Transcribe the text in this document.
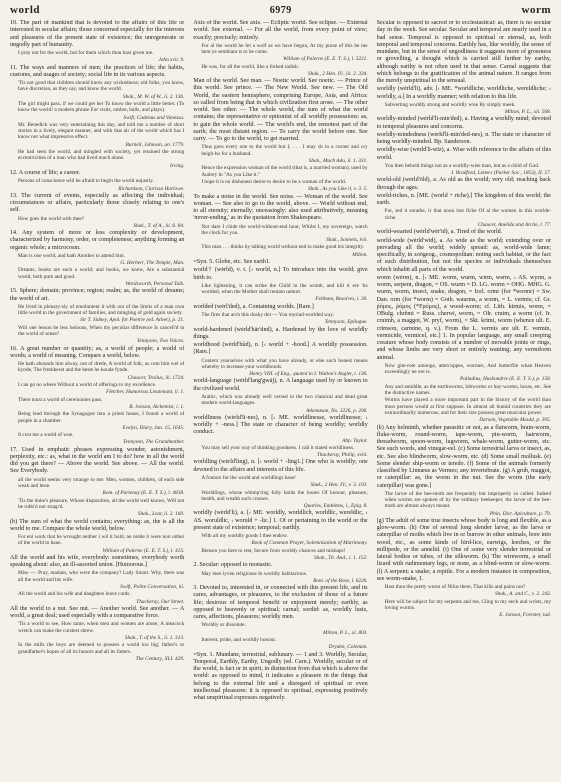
world	6979	worm

10. The part of mankind that is devoted to the affairs of this life or interested in secular affairs; those concerned especially for the interests and pleasures of the present state of existence; the unregenerate or ungodly part of humanity.

I pray not for the world, but for them which thou hast given me.

John xvii. 9.

11. The ways and manners of men; the practices of life; the habits, customs, and usages of society; social life in its various aspects.

'Tis not good that children should know any wickedness; old folks, you know, have discretion, as they say, and know the world.

Shak., M. W. of W., ii. 2. 136.

The girl might pass, if we could get her To know the world a little better. (To know the world! a modern phrase For visits, ombre, balls, and plays).

Swift, Cadenus and Vanessa.

Mr. Benedick was very entertaining this day, and told me a number of short stories in a lively, elegant manner, and with that air of the world which has I know not what impressive effect.

Burnell, Johnson, an. 1779.

He had seen the world, and mingled with society, yet retained the strong eccentricities of a man who had lived much alone.

Irving.

12. A course of life; a career.

Persons of conscience will be afraid to begin the world unjustly.

Richardson, Clarissa Harlowe.

13. The current of events, especially as affecting the individual; circumstances or affairs, particularly those closely relating to one's self.

How goes the world with thee?

Shak., T. of A., iii. 6. 84.

14. Any system of more or less complexity or development, characterized by harmony, order, or completeness; anything forming an organic whole; a microcosm.

Man is one world, and hath Another to attend him.

G. Herbert, The Temple, Man.

Dreams, books are each a world; and books, we know, Are a substantial world, both pure and good.

Wordsworth, Personal Talk.

15. Sphere; domain; province; region; realm; as, the world of dreams; the world of art.

He lived in plenary-sly of emolument it with out of the limits of a man own little world in the government of families, and mingling of gold again society.

Sir T. Sidney, Apol. for Poetrie (ed. Arber), p. 21.

Will one lesson be less heinous, When thy peculiar difference Is cancell'd in the world of sense?

Tennyson, Two Voices.

16. A great number or quantity; as, a world of people; a world of words; a world of meaning. Compare a world, below.

He hath abounds him alway, out of drede, A world of folk, as com him wel of kynde, The freshhesst and the beste he koude fynde.

Chaucer, Troilus, iii. 1724.

I can go no where Without a world of offerings to my excellence.

Fletcher, Humorous Lieutenant, ii. 1.

There must a world of ceremonies pass.

B. Jonson, Alchemist, i. 1.

Being lead through the Synagogue into a priest house, I found a world of people in a chamber.

Evelyn, Diary, Jan. 15, 1645.

It cost me a world of woe.

Tennyson, The Grandmother.

17. Used in emphatic phrases expressing wonder, astonishment, perplexity, etc.: as, what in the world am I to do? how in all the world did you get there? — Above the world. See above. — All the world. See Everybody.

all the world seems very strange to me: Men, women, children, of each side weak and leste.

Rom. of Partenay (E. E. T. S.), l. 4838.

'Tis the duke's pleasure, Whose disposition, all the world well knows, Will not be rubb'd nor stopp'd.

Shak., Lear, ii. 2. 160.

(b) The sum of what the world contains; everything: as, the is all the world to me. Compare the whole world, below.

For eni work that he wrought neither i wil it hold, ne nolde it were non oither of the world to haue.

William of Palerne (E. E. T. S.), l. 415.

All the world and his wife, everybody: sometimes, everybody worth speaking about: also, an ill-assorted union. [Humorous.]

Miss —. Pray, madam, who were the company? Lady Smart. Why, there was all the world and his wife.

Swift, Polite Conversation, iii.

All the world and his wife and daughters leave cards.

Thackeray, Our Street.

All the world to a nut. See nut. — Another world. See another. — A world, a great deal; used especially with a comparative force.

'Tis a world to see, How tame, when men and women are alone, A meacock wretch can make the curstest shrew.

Shak., T. of the S., ii. 1. 313.

In the mills the boys are deemed to possess a world too big; father's or grandfather's hopes of all its honors and all its fatters.

The Century, XLI. 420.

Axis of the world. See axis. — Ecliptic world. See eclipse. — External world. See external. — For all the world, from every point of view; exactly; precisely; entirely.

For al the world he fel a wolf as we have begun, At my purse of this be me hem ye semblant is to be come.

William of Palerne (E. E. T. S.), l. 3221.

He was, for all the world, like a forked radish.

Shak., 2 Hen. IV., iii. 2. 334.

Man of the world. See man. — Noetic world. See noetic. — Prince of this world. See prince. — The New World. See new. — The Old World, the eastern hemisphere, comprising Europe, Asia, and Africa: so called from being that in which civilization first arose. — The other world. See other. — The whole world, the sum of what the world contains; the representative or epitomist of all worldly possessions: as, to gain the whole world. — The world's end, the remotest part of the earth; the most distant region. — To carry the world before one. See carry. — To go to the world, to get married.

Thus goes every one to the world but I, . . . I may sit in a corner and cry heigh-ho for a husband.

Shak., Much Ado, ii. 1. 331.

Hence the expression woman of the world (that is, a married woman), used by Audrey in "As you Like it."

I hope it is no dishonest desire to desire to be a woman of the world.

Shak., As you Like it, v. 3. 5.

To make a noise in the world. See noise. — Woman of the world. See woman. — See also to go to the world, above. — World without end, to all eternity; eternally; unceasingly: also used attributively, meaning 'never-ending,' as in the quotation from Shakespeare.

Nor dare I chide the world-without-end hour, Whilst I, my sovereign, watch the clock for you.

Shak., Sonnets, lvii.

This man . . . thinks by talking world without end to make good his integrity.

Milton.

=Syn. 5. Globe, etc. See earth1.

world† (wėrld), v. t. [‹ world, n.] To introduce into the world; give birth to.

Like lightening, it can strike the Child in the womb, and kill it ere 'tis worlded, when the Mother shall remain unhurt.

Feltham, Resolves, i. 30.

worlded (wėrl'ded), a. Containing worlds. [Rare.]

The fires that arch this dusky dot — Yon myriad-worlded way.

Tennyson, Epilogue.

world-hardened (wėrld'här'dnd), a. Hardened by the love of worldly things.

worldhood (wėrld'hůd), n. [‹ world + -hood.] A worldly possession. [Rare.]

Content yourselves with what you have already, or else such honest means whereby to increase your worldhoods.

Henry VIII. of Eng., quoted in I. Walton's Angler, i. 136.

world-language (wėrld'lang'gwāj), n. A language used by or known to the civilized world.

Arabic, which was already well versed in the two classical and dead great modern world-languages.

Athenæum, No. 3226, p. 206.

worldliness (wėrld'li-nes), n. [‹ ME. worldlinesse, worldlinesse; ‹ worldly + -ness.] The state or character of being worldly; worldly conduct.

Abp. Taylor.

You may sell your way of thinking goodness. I call it stated worldliness.

Thackeray, Philip, xviii.

worldling (wėrld'ling), n. [‹ world + -ling1.] One who is worldly; one devoted to the affairs and interests of this life.

A fouture for the world and worldlings base!

Shak., 2 Hen. IV., v. 3. 103.

Worldlings, whose whimp'ring folly holds the losses Of honour, pleasure, health, and wealth such crosses.

Quarles, Emblems, i., Epig. 8.

worldly (wėrld'li), a. [‹ ME. worldly, worldlich, worldlic, wereldlic, ‹ AS. woruldlic, ‹ woruld + -lic.] 1. Of or pertaining to the world or the present state of existence; temporal; earthly.

With all my worldly goods I thee endow.

Book of Common Prayer, Solemnization of Matrimony.

Benson you here to rest, Secure from worldly chances and mishaps!

Shak., Tit. And., i. 1. 152.

2. Secular: opposed to monastic.

May men lyven religiouse In worldly habitacions.

Rom. of the Rose, l. 6226.

3. Devoted to, interested in, or connected with this present life, and its cares, advantages, or pleasures, to the exclusion of those of a future life; desirous of temporal benefit or enjoyment merely; earthly, as opposed to heavenly or spiritual; carnal; sordid: as, worldly lusts, cares, affections, pleasures; worldly men.

Worldly or dissolute.

Milton, P. L., xi. 803.

Interest, pride, and worldly honour.

Dryden, Coleman.

=Syn. 1. Mundane, terrestrial, sublunary. — 1 and 3. Worldly, Secular, Temporal, Earthly, Earthy, Ungodly (ed. Carn.). Worldly, secular or of the world, is fact or in spirit, in distinction from that which is above the world: as opposed to mind, it indicates a pleasure in the things that belong to the external life and a disregard of spiritual or even intellectual pleasures: it is opposed to spiritual, expressing positively what unspiritual expresses negatively.

Secular is opposed to sacred or to ecclesiastical: as, there is no secular day in the week. See secular. Secular and temporal are nearly used in a bad sense. Temporal is opposed to spiritual or eternal, as, both temporal and temporal concerns. Earthly has, like worldly, the sense of mundane, but in the sense of ungodliness it suggests more of grossness or grovelling, a thought which is carried still further by earthy, although earthy is not often used in that sense. Carnal suggests that which belongs to the gratification of the animal nature. It ranges from the merely unspiritual to the sensual.

worldly (wėrld'li), adv. [‹ ME. *worldliche, worldliche, wereldliche; ‹ worldly, a.] In a worldly manner; with relation to this life.

Subverting worldly strong and worldly wise By simply meek.

Milton, P. L., xii. 568.

worldly-minded (wėrld'li-min'ded), a. Having a worldly mind; devoted to temporal pleasures and concerns.

worldly-mindedness (wėrld'li-min'ded-nes), n. The state or character of being worldly-minded. Bp. Sanderson.

worldly-wise (wėrld'li-wīz), a. Wise with reference to the affairs of this world.

You then behold things not as a worldly-wise man, but as a child of God.

J. Bradford, Letters (Parker Soc., 1853), II. 57.

world-old (wėrld'ōld), a. As old as the world; very old; reaching back through the ages.

world-riches, n. [ME. (world + riche).] The kingdom of this world; the earth.

For, sed it sorathe, ir that noon lost fiche Of al the women in this worlde-riche.

Chaucer, Anelida and Arcite, l. 77.

world-wearied (wėrld'wēr'id), a. Tired of the world.

world-wide (wėrld'wīd), a. As wide as the world; extending over or pervading all the world; widely spread: as, world-wide fame; specifically, in zoögeog., cosmopolitan: noting such habitat, or the fact of such distribution, but not the species or individuals themselves which inhabit all parts of the world.

worm (wėrm), n. [‹ ME. worm, wurm, wirm, werm, ‹ AS. wyrm, a worm, serpent, dragon, = OS. wurm = D. LG. worm = OHG. MHG. G. wurm, worm, insect, snake, dragon, = Icel. ormr (for *wormr) = Sw. Dan. orm (for *worm) = Goth. waurms, a worm, = L. vermis; cf. Gr. ῥόμος, ῥόμος (*Fρόμος), a wood-worm; cf. Lith. kirmis, worm, = OBulg. chrěmi = Russ. cherwi, worm, = Olr. cruim, a worm (cf. Ir. cruimh, a maggot, W. pryf, worm), = Skt. krimi, worm (whence ult. E. crimson, carmine, q. v.). From the L. vermis are ult. E. vermin, vermicide, vermicel, etc.] 1. In popular language, any small creeping creature whose body consists of a number of movable joints or rings, and whose limbs are very short or entirely wanting; any vermiform animal.

Now gite-rote amonge, attercoppes, wormes, And butterflie whan Heaven exceedingly ne ore is.

Palladius, Husbondrie (E. E. T. S.), p. 158.

Any and amiddle, as the earthworms, lobworms or hay-worms, horas, etc. See the distinctive names.

Worms have played a more important part in the history of the world than most persons would at first suppose. In almost all humid countries they are extraordinarily numerous, and for their size possess great muscular power.

Darwin, Vegetable Mould, p. 305.

(b) Any helminth, whether parasitic or not, as a flatworm, brain-worm, fluke-worm, round-worm, tape-worm, pin-worm, hairworm, threadworm, spoon-worm, lugworm, whale-worm, gutter-worm, etc. See such words, and vinegar-eel. (c) Some terrestrial larva or insect, as, etc. See also blindworm, slow-worm, etc. (d) Some small mollusk. (e) Some slender ship-worm or teredo. (f) Some of the animals formerly classified by Linnæus as Vermes; any invertebrate. (g) A grub, maggot, or caterpillar: as, the worm in the nut. See the worm (the early caterpillar) was gone.]

The larvæ of the bee-moth are frequently but improperly so called. Indeed when worms are spoken of by the ordinary beekeeper, the larvæ of the bee-moth are almost always meant.

Phin, Dict. Apiculture, p. 79.

(g) The adult of some true insects whose body is long and flexible, as a glow-worm. (h) One of several long slender larvæ, as the larva or caterpillar of moths which live in or burrow in other animals, bore into wood, etc., as some kinds of bird-lice, earwigs, leeches, or the millipede, or the annelid. (i) One of some very slender terrestrial or lateral bodies or tubes, of the silkworm. (k) The wireworm, a small lizard with rudimentary legs, or none, as a blind-worm or slow-worm. (l) A serpent; a snake; a reptile. For a modern instance in composition, see worm-snake, 1.

Hast thou the pretty worm of Nilus there, That kills and pains not?

Shak., A. and C., v. 2. 243.

Here will be subject for my serpents and me, Cling to my neck and wrists, my loving worms.

E. Jonson, Forester, iad.
